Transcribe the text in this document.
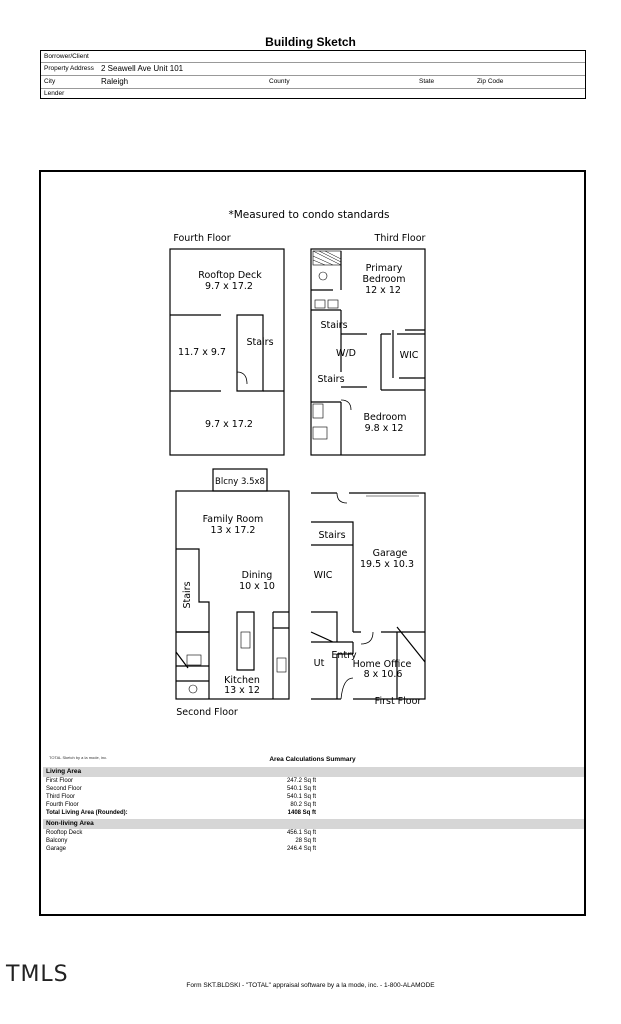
Building Sketch
Borrower/Client
Property Address 2 Seawell Ave Unit 101
City	Raleigh	County	State	Zip Code
Lender
*Measured to condo standards
Fourth Floor	Third Floor
Second Floor
First Floor
Rooftop Deck
9.7 x 17.2
11.7 x 9.7
Stairs
9.7 x 17.2
Primary
Bedroom
12 x 12
Stairs
W/D	WIC
Stairs
Bedroom
9.8 x 12
Blcny 3.5x8
Family Room
13 x 17.2
Dining
10 x 10
Stairs
Kitchen
13 x 12
Stairs
Garage
19.5 x 10.3
WIC
Entry
Ut	Home Office
8 x 10.6
TOTAL Sketch by a la mode, inc.	Area Calculations Summary
Living Area
First Floor	247.2 Sq ft
Second Floor	540.1 Sq ft
Third Floor	540.1 Sq ft
Fourth Floor	80.2 Sq ft
Total Living Area (Rounded):	1408 Sq ft
Non-living Area
Rooftop Deck	456.1 Sq ft
Balcony	28 Sq ft
Garage	246.4 Sq ft
TMLS	Form SKT.BLDSKI - "TOTAL" appraisal software by a la mode, inc. - 1-800-ALAMODE
